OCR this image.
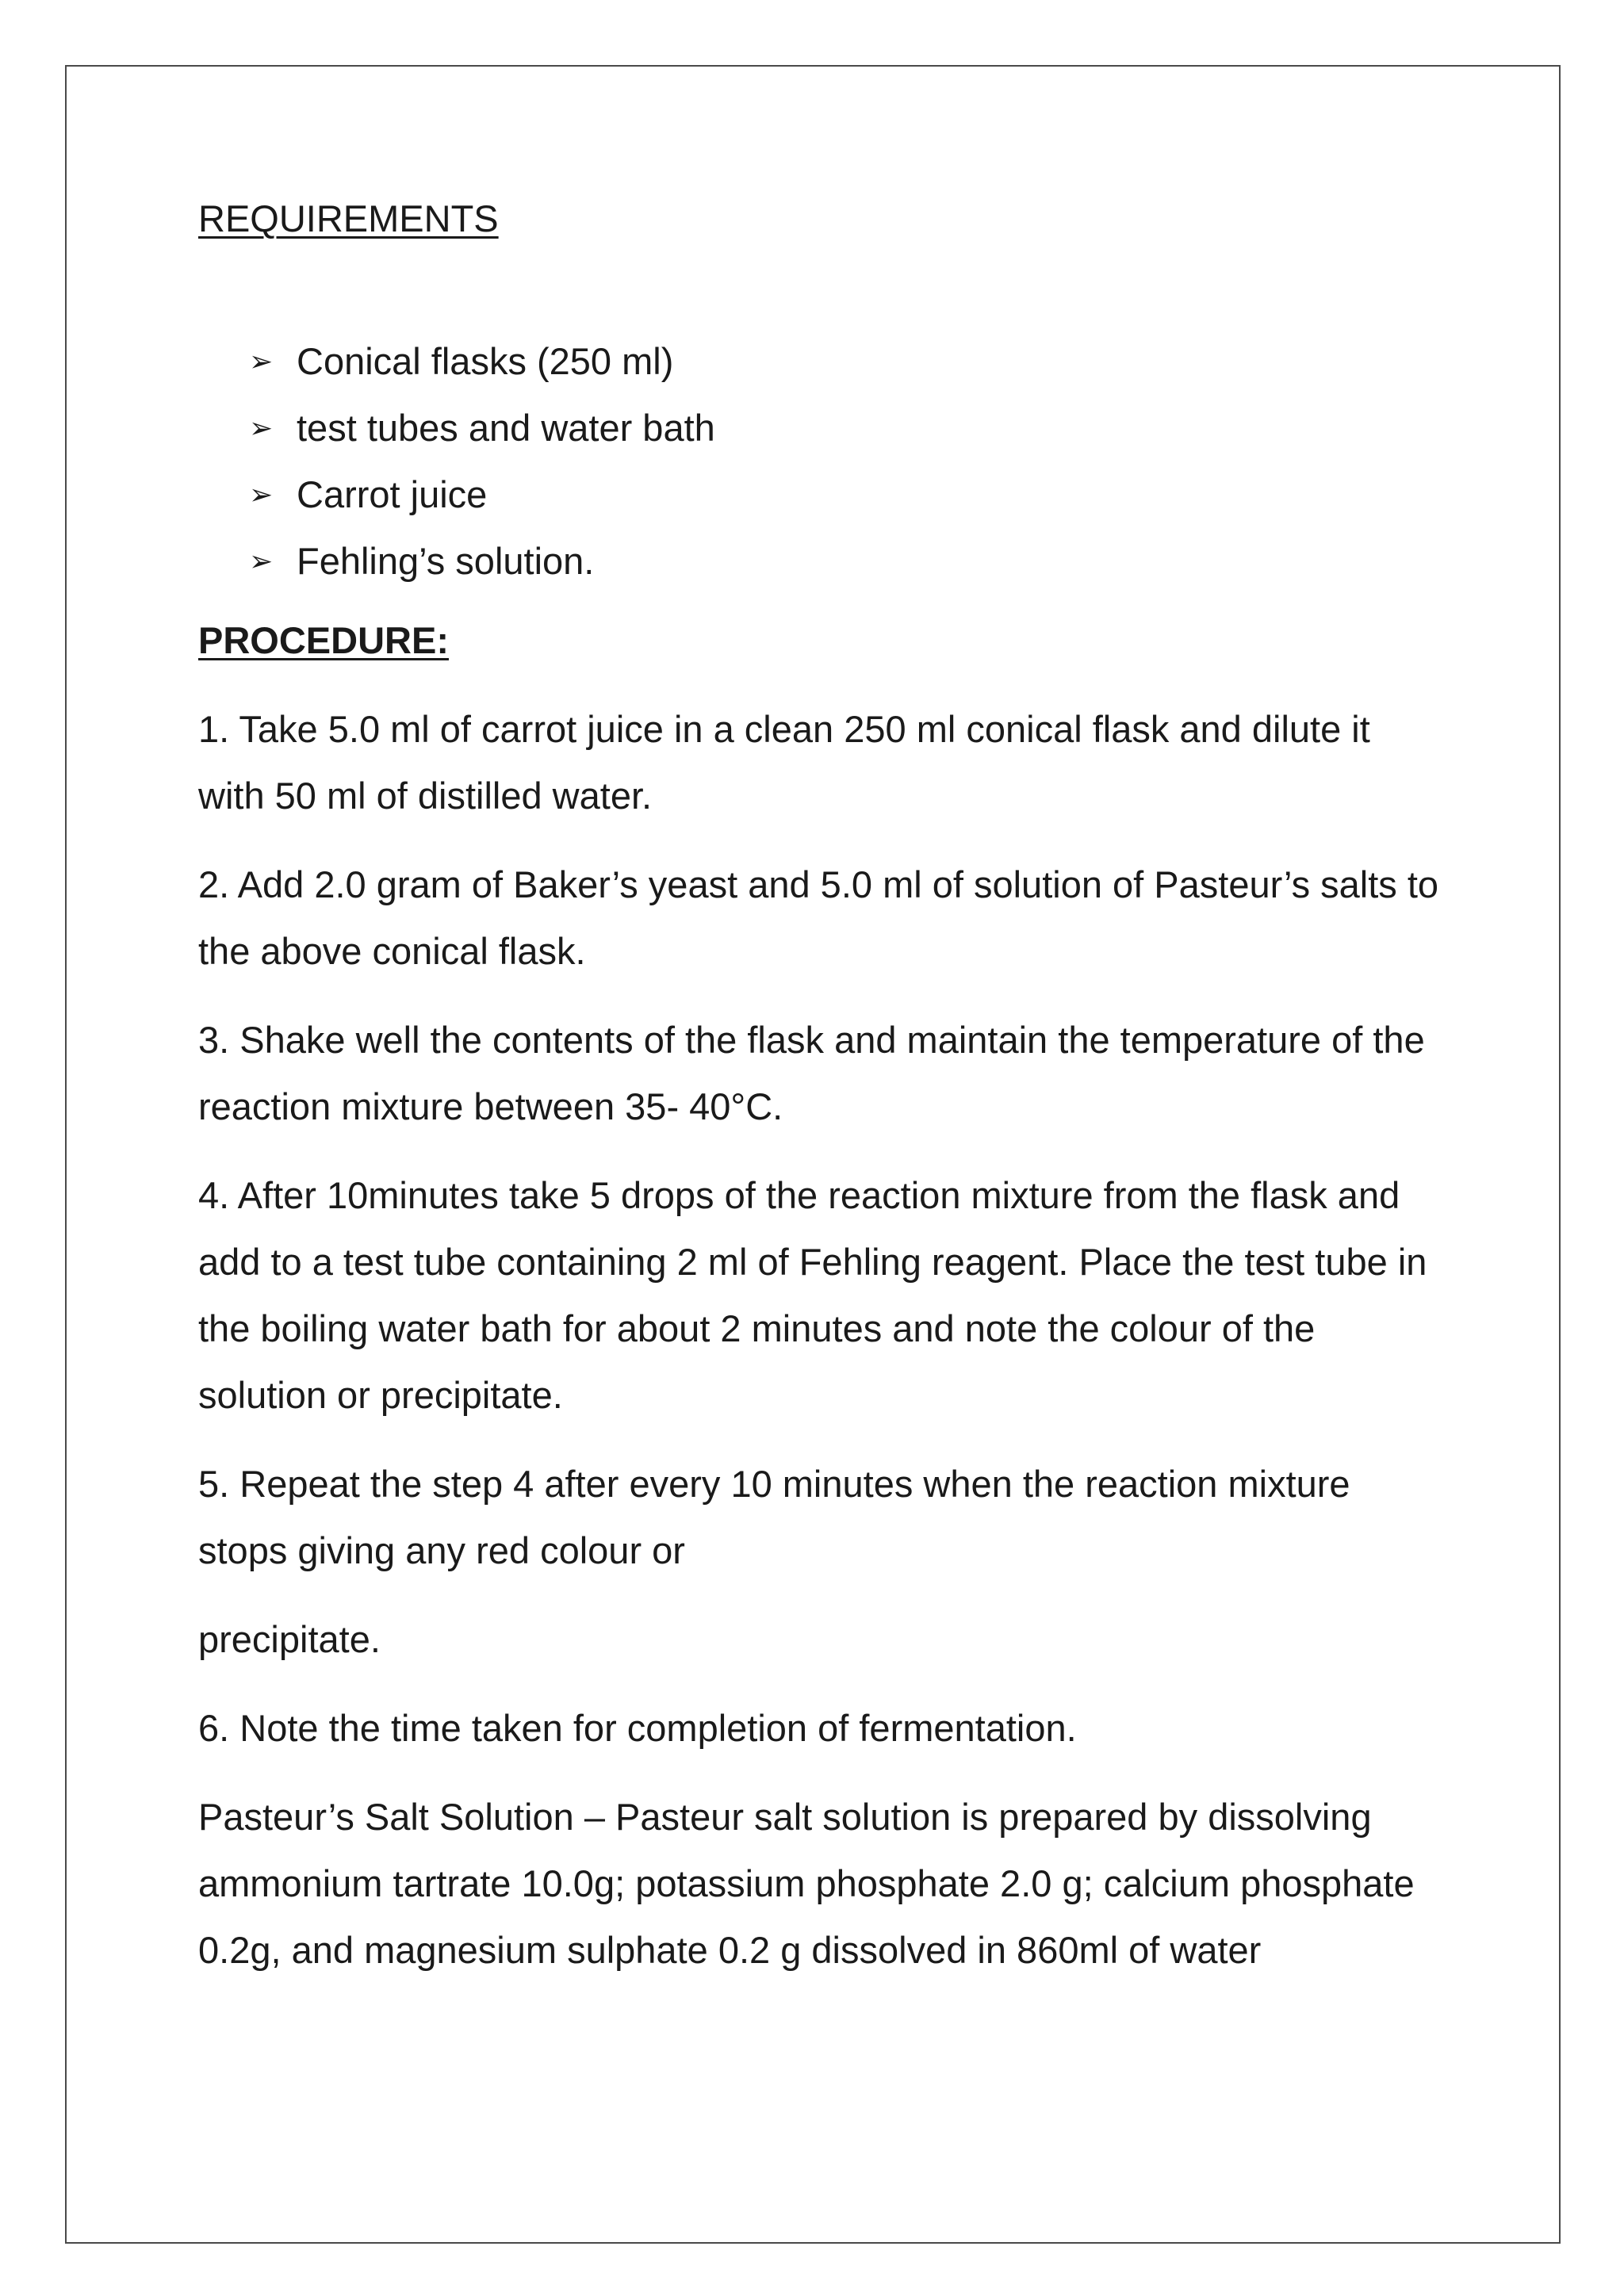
REQUIREMENTS
➢ Conical flasks (250 ml)
➢ test tubes and water bath
➢ Carrot juice
➢ Fehling’s solution.
PROCEDURE:

1. Take 5.0 ml of carrot juice in a clean 250 ml conical flask and dilute it with 50 ml of distilled water.

2. Add 2.0 gram of Baker’s yeast and 5.0 ml of solution of Pasteur’s salts to the above conical flask.

3. Shake well the contents of the flask and maintain the temperature of the reaction mixture between 35- 40°C.

4. After 10minutes take 5 drops of the reaction mixture from the flask and add to a test tube containing 2 ml of Fehling reagent. Place the test tube in the boiling water bath for about 2 minutes and note the colour of the solution or precipitate.

5. Repeat the step 4 after every 10 minutes when the reaction mixture stops giving any red colour or

precipitate.

6. Note the time taken for completion of fermentation.

Pasteur’s Salt Solution – Pasteur salt solution is prepared by dissolving ammonium tartrate 10.0g; potassium phosphate 2.0 g; calcium phosphate 0.2g, and magnesium sulphate 0.2 g dissolved in 860ml of water
